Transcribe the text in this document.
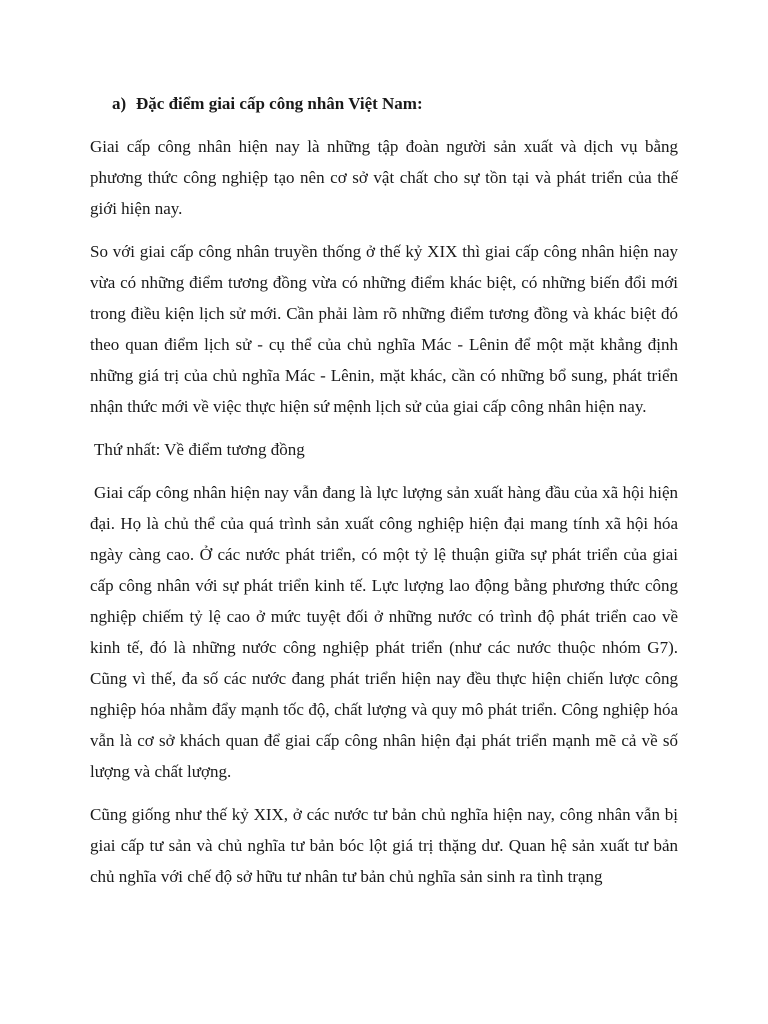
a) Đặc điểm giai cấp công nhân Việt Nam:

Giai cấp công nhân hiện nay là những tập đoàn người sản xuất và dịch vụ bằng phương thức công nghiệp tạo nên cơ sở vật chất cho sự tồn tại và phát triển của thế giới hiện nay.

So với giai cấp công nhân truyền thống ở thế kỷ XIX thì giai cấp công nhân hiện nay vừa có những điểm tương đồng vừa có những điểm khác biệt, có những biến đổi mới trong điều kiện lịch sử mới. Cần phải làm rõ những điểm tương đồng và khác biệt đó theo quan điểm lịch sử - cụ thể của chủ nghĩa Mác - Lênin để một mặt khẳng định những giá trị của chủ nghĩa Mác - Lênin, mặt khác, cần có những bổ sung, phát triển nhận thức mới về việc thực hiện sứ mệnh lịch sử của giai cấp công nhân hiện nay.

Thứ nhất: Về điểm tương đồng

Giai cấp công nhân hiện nay vẫn đang là lực lượng sản xuất hàng đầu của xã hội hiện đại. Họ là chủ thể của quá trình sản xuất công nghiệp hiện đại mang tính xã hội hóa ngày càng cao. Ở các nước phát triển, có một tỷ lệ thuận giữa sự phát triển của giai cấp công nhân với sự phát triển kinh tế. Lực lượng lao động bằng phương thức công nghiệp chiếm tỷ lệ cao ở mức tuyệt đối ở những nước có trình độ phát triển cao về kinh tế, đó là những nước công nghiệp phát triển (như các nước thuộc nhóm G7). Cũng vì thế, đa số các nước đang phát triển hiện nay đều thực hiện chiến lược công nghiệp hóa nhằm đẩy mạnh tốc độ, chất lượng và quy mô phát triển. Công nghiệp hóa vẫn là cơ sở khách quan để giai cấp công nhân hiện đại phát triển mạnh mẽ cả về số lượng và chất lượng.

Cũng giống như thế kỷ XIX, ở các nước tư bản chủ nghĩa hiện nay, công nhân vẫn bị giai cấp tư sản và chủ nghĩa tư bản bóc lột giá trị thặng dư. Quan hệ sản xuất tư bản chủ nghĩa với chế độ sở hữu tư nhân tư bản chủ nghĩa sản sinh ra tình trạng
